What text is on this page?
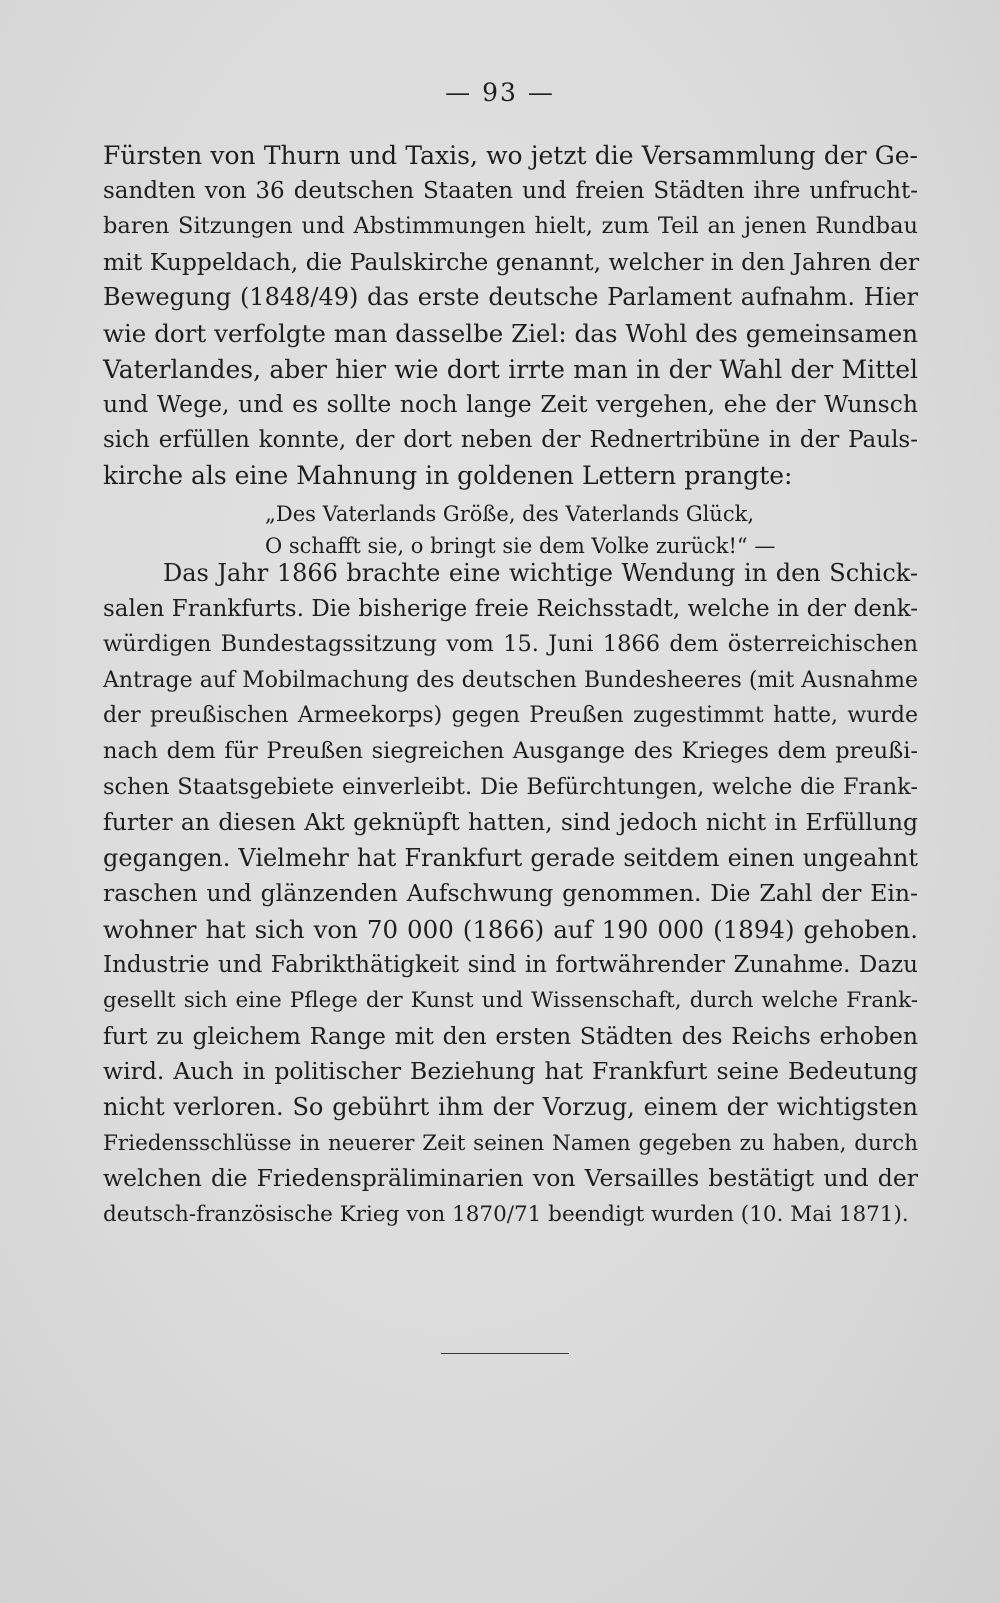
— 93 —
Fürsten von Thurn und Taxis, wo jetzt die Versammlung der Ge-
sandten von 36 deutschen Staaten und freien Städten ihre unfrucht-
baren Sitzungen und Abstimmungen hielt, zum Teil an jenen Rundbau
mit Kuppeldach, die Paulskirche genannt, welcher in den Jahren der
Bewegung (1848/49) das erste deutsche Parlament aufnahm. Hier
wie dort verfolgte man dasselbe Ziel: das Wohl des gemeinsamen
Vaterlandes, aber hier wie dort irrte man in der Wahl der Mittel
und Wege, und es sollte noch lange Zeit vergehen, ehe der Wunsch
sich erfüllen konnte, der dort neben der Rednertribüne in der Pauls-
kirche als eine Mahnung in goldenen Lettern prangte:
„Des Vaterlands Größe, des Vaterlands Glück,
O schafft sie, o bringt sie dem Volke zurück!“ —
Das Jahr 1866 brachte eine wichtige Wendung in den Schick-
salen Frankfurts. Die bisherige freie Reichsstadt, welche in der denk-
würdigen Bundestagssitzung vom 15. Juni 1866 dem österreichischen
Antrage auf Mobilmachung des deutschen Bundesheeres (mit Ausnahme
der preußischen Armeekorps) gegen Preußen zugestimmt hatte, wurde
nach dem für Preußen siegreichen Ausgange des Krieges dem preußi-
schen Staatsgebiete einverleibt. Die Befürchtungen, welche die Frank-
furter an diesen Akt geknüpft hatten, sind jedoch nicht in Erfüllung
gegangen. Vielmehr hat Frankfurt gerade seitdem einen ungeahnt
raschen und glänzenden Aufschwung genommen. Die Zahl der Ein-
wohner hat sich von 70 000 (1866) auf 190 000 (1894) gehoben.
Industrie und Fabrikthätigkeit sind in fortwährender Zunahme. Dazu
gesellt sich eine Pflege der Kunst und Wissenschaft, durch welche Frank-
furt zu gleichem Range mit den ersten Städten des Reichs erhoben
wird. Auch in politischer Beziehung hat Frankfurt seine Bedeutung
nicht verloren. So gebührt ihm der Vorzug, einem der wichtigsten
Friedensschlüsse in neuerer Zeit seinen Namen gegeben zu haben, durch
welchen die Friedenspräliminarien von Versailles bestätigt und der
deutsch-französische Krieg von 1870/71 beendigt wurden (10. Mai 1871).
